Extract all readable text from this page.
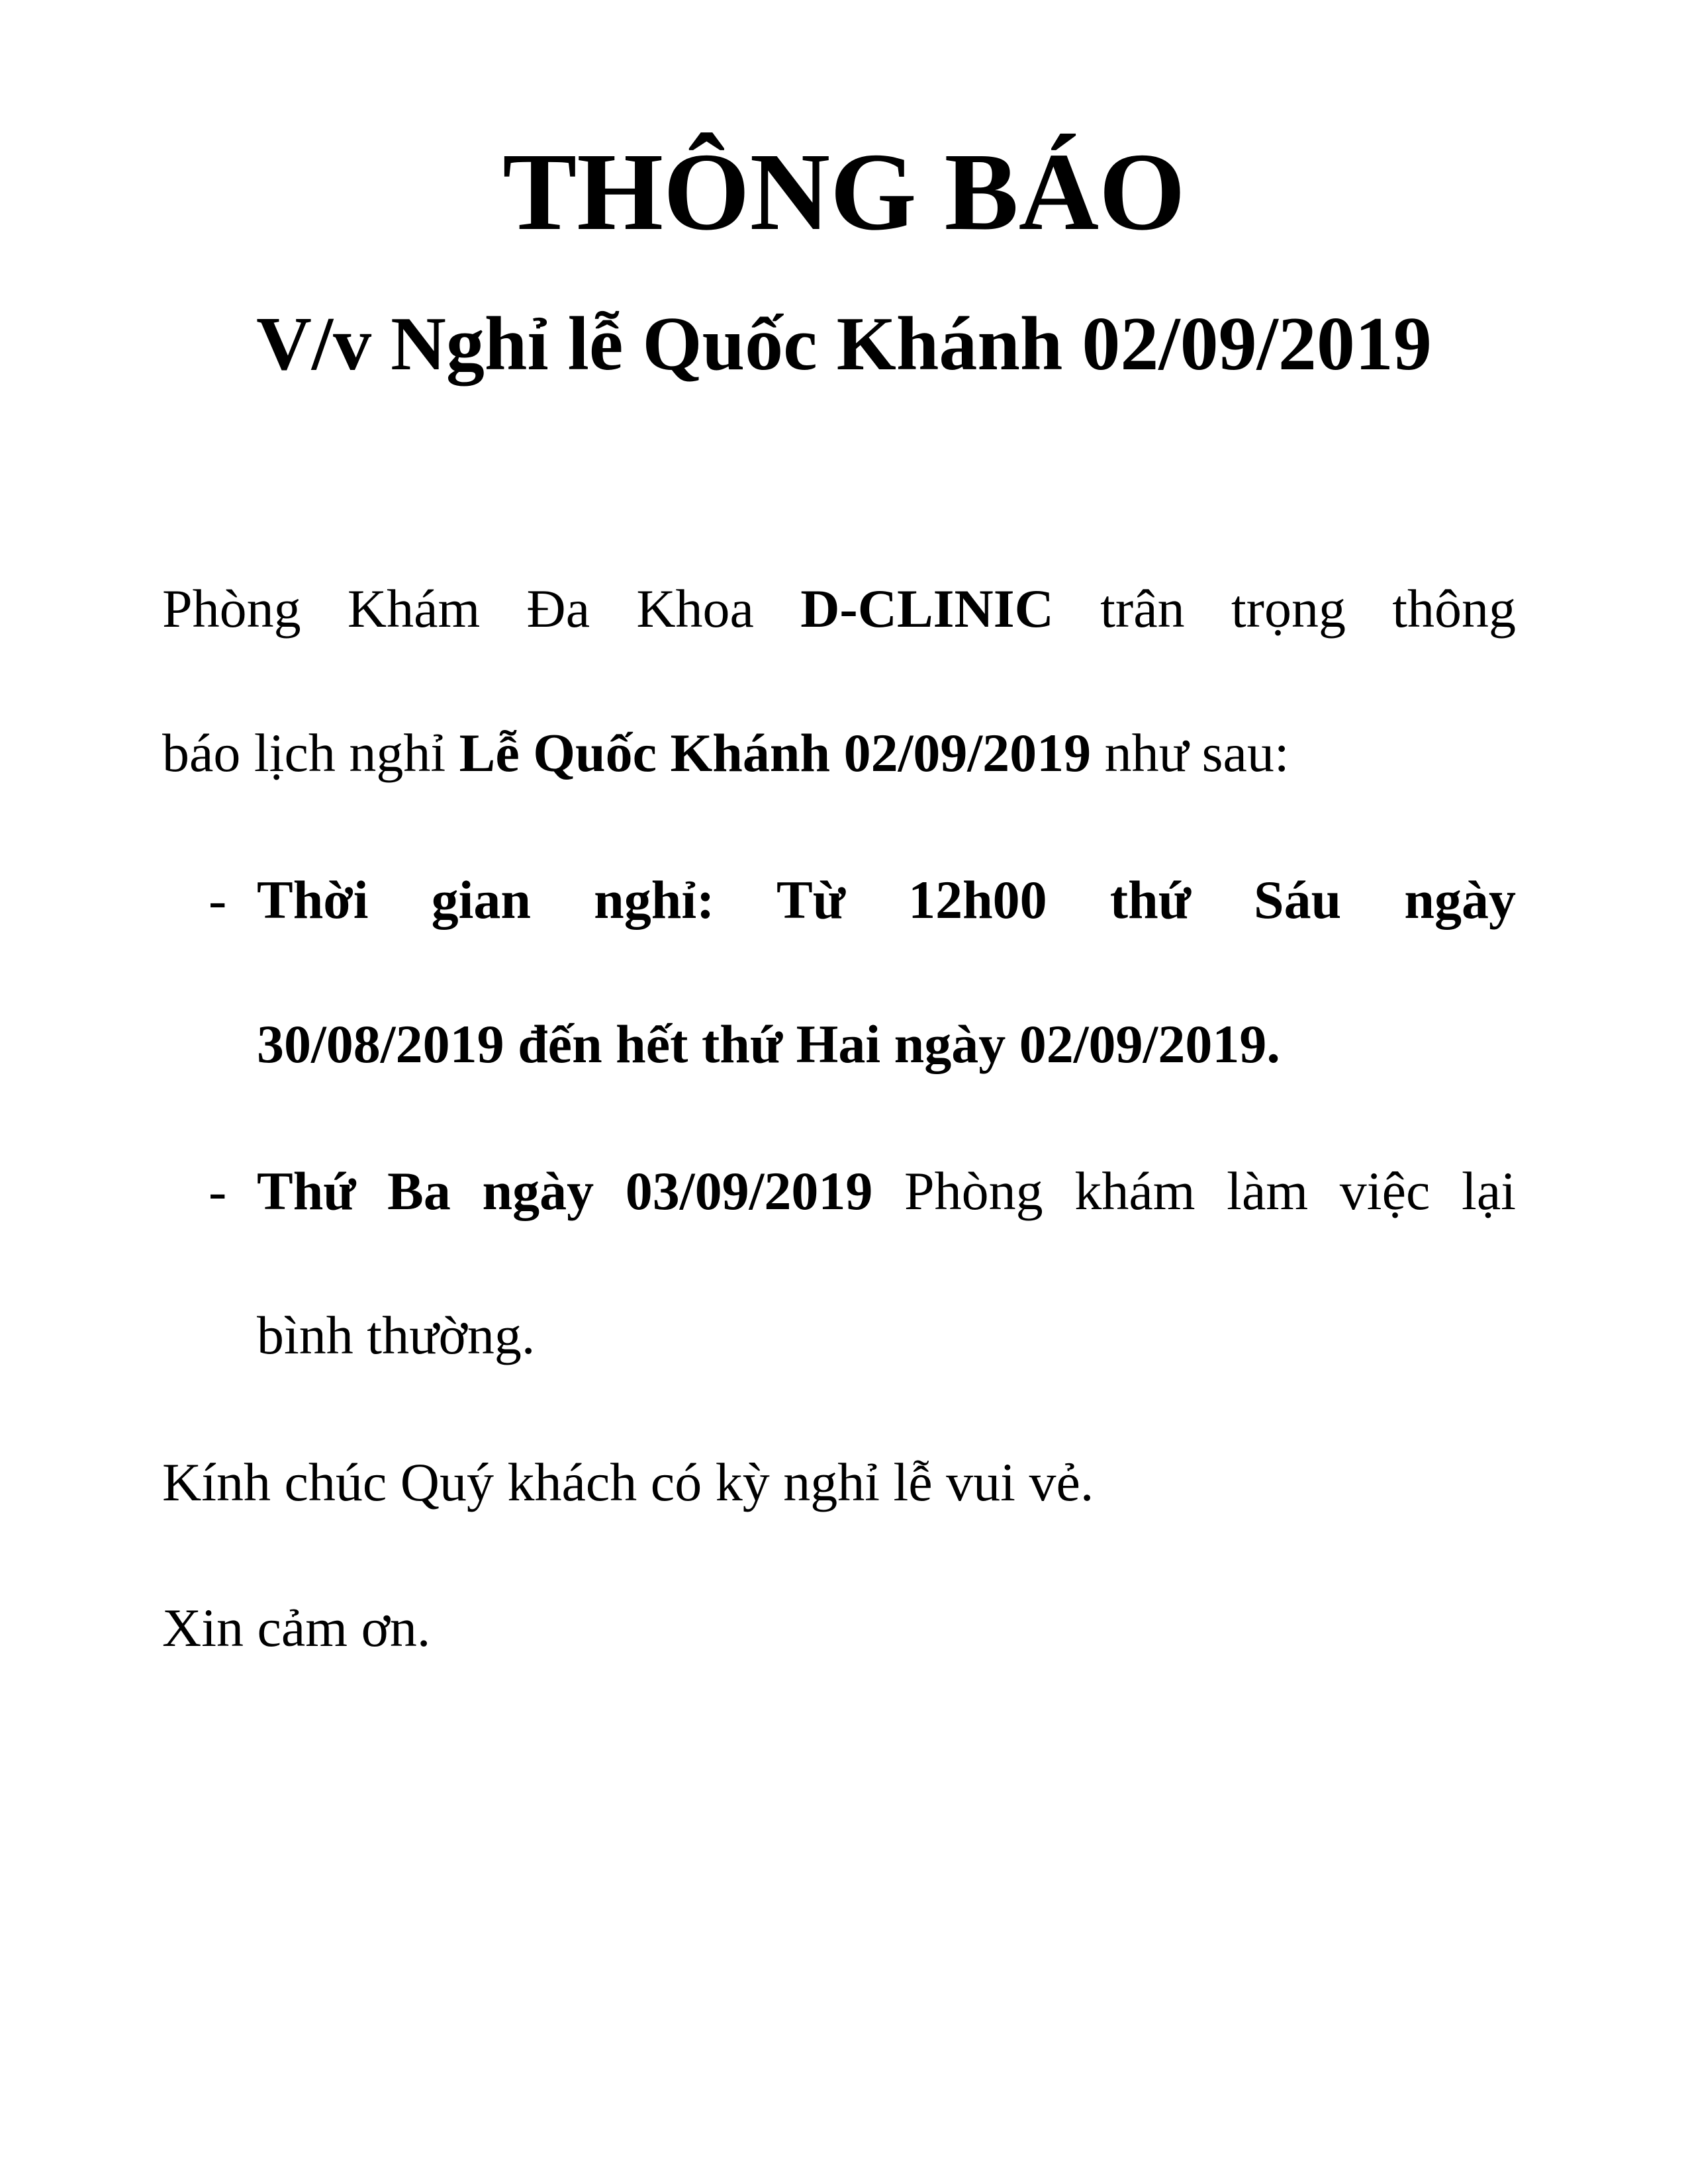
THÔNG BÁO
V/v Nghỉ lễ Quốc Khánh 02/09/2019
Phòng Khám Đa Khoa D-CLINIC trân trọng thông
báo lịch nghỉ Lễ Quốc Khánh 02/09/2019 như sau:
- Thời gian nghỉ: Từ 12h00 thứ Sáu ngày
30/08/2019 đến hết thứ Hai ngày 02/09/2019.
- Thứ Ba ngày 03/09/2019 Phòng khám làm việc lại
bình thường.
Kính chúc Quý khách có kỳ nghỉ lễ vui vẻ.
Xin cảm ơn.
